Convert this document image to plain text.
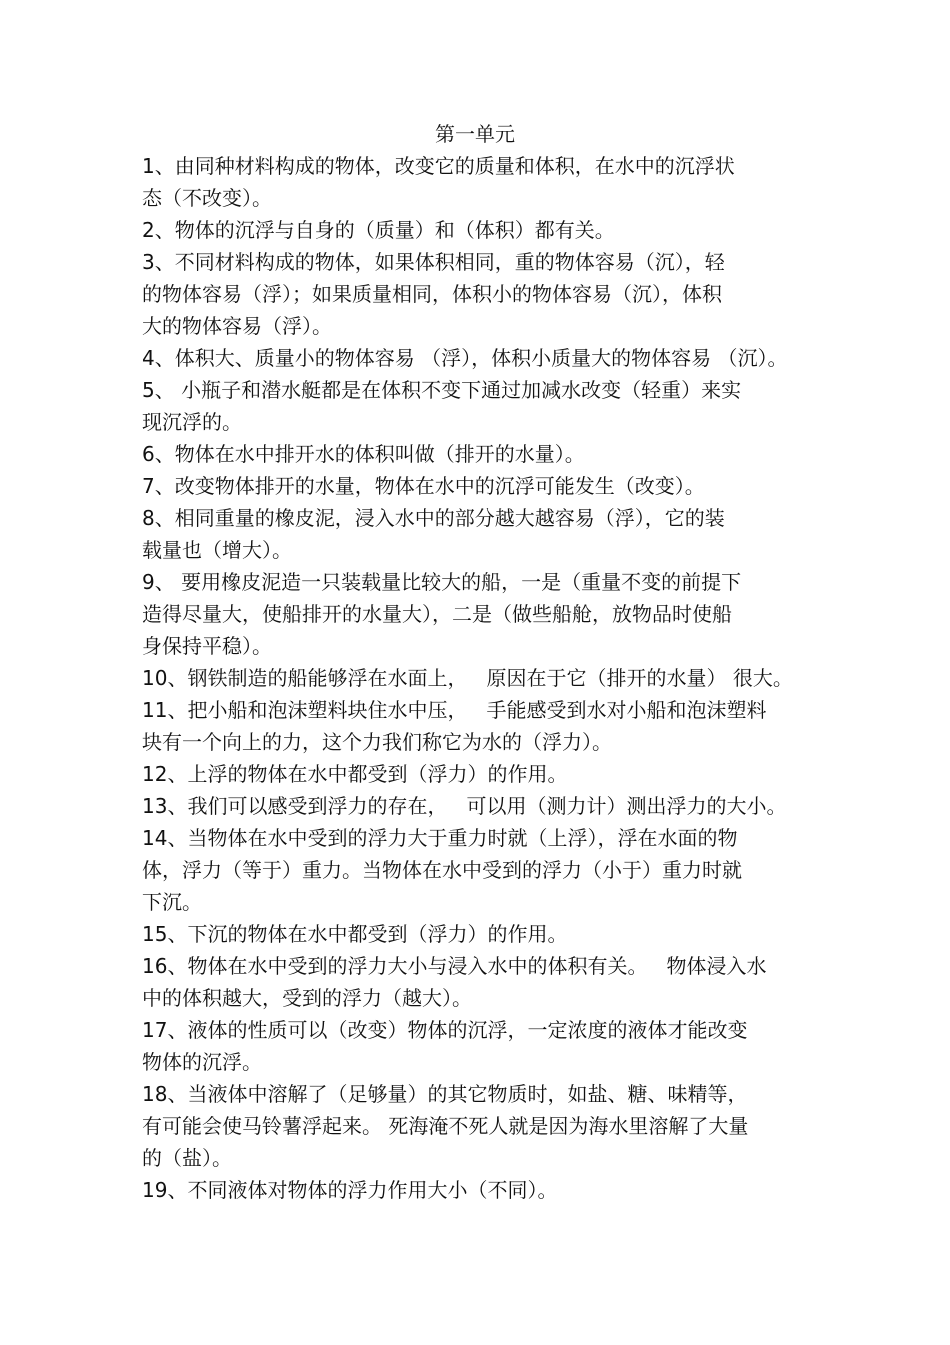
第一单元
1、由同种材料构成的物体，改变它的质量和体积，在水中的沉浮状
态（不改变）。
2、物体的沉浮与自身的（质量）和（体积）都有关。
3、不同材料构成的物体，如果体积相同，重的物体容易（沉），轻
的物体容易（浮）；如果质量相同，体积小的物体容易（沉），体积
大的物体容易（浮）。
4、体积大、质量小的物体容易 （浮），体积小质量大的物体容易 （沉）。
5、 小瓶子和潜水艇都是在体积不变下通过加减水改变（轻重）来实
现沉浮的。
6、物体在水中排开水的体积叫做（排开的水量）。
7、改变物体排开的水量，物体在水中的沉浮可能发生（改变）。
8、相同重量的橡皮泥，浸入水中的部分越大越容易（浮），它的装
载量也（增大）。
9、 要用橡皮泥造一只装载量比较大的船，一是（重量不变的前提下
造得尽量大，使船排开的水量大），二是（做些船舱，放物品时使船
身保持平稳）。
10、钢铁制造的船能够浮在水面上，   原因在于它（排开的水量） 很大。
11、把小船和泡沫塑料块住水中压，   手能感受到水对小船和泡沫塑料
块有一个向上的力，这个力我们称它为水的（浮力）。
12、上浮的物体在水中都受到（浮力）的作用。
13、我们可以感受到浮力的存在，   可以用（测力计）测出浮力的大小。
14、当物体在水中受到的浮力大于重力时就（上浮），浮在水面的物
体，浮力（等于）重力。当物体在水中受到的浮力（小于）重力时就
下沉。
15、下沉的物体在水中都受到（浮力）的作用。
16、物体在水中受到的浮力大小与浸入水中的体积有关。   物体浸入水
中的体积越大，受到的浮力（越大）。
17、液体的性质可以（改变）物体的沉浮，一定浓度的液体才能改变
物体的沉浮。
18、当液体中溶解了（足够量）的其它物质时，如盐、糖、味精等，
有可能会使马铃薯浮起来。 死海淹不死人就是因为海水里溶解了大量
的（盐）。
19、不同液体对物体的浮力作用大小（不同）。
